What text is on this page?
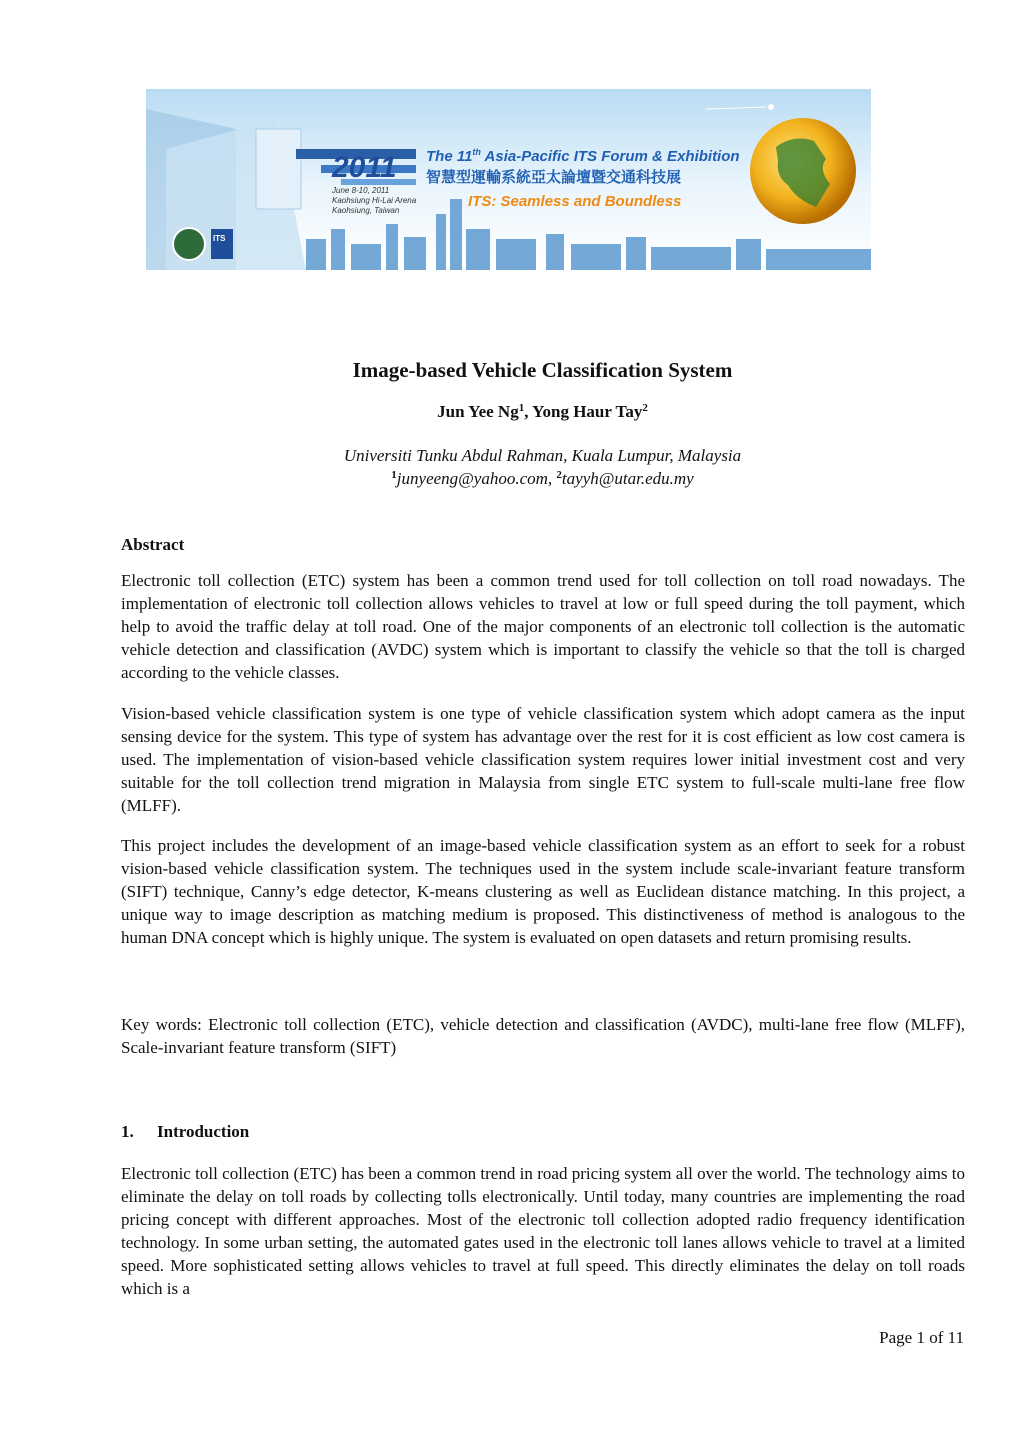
2011 The 11th Asia-Pacific ITS Forum & Exhibition
智慧型運輸系統亞太論壇暨交通科技展
June 8-10, 2011
Kaohsiung Hi-Lai Arena
Kaohsiung, Taiwan
ITS: Seamless and Boundless
ITS
Image-based Vehicle Classification System
Jun Yee Ng$^1$, Yong Haur Tay$^2$
Universiti Tunku Abdul Rahman, Kuala Lumpur, Malaysia
$^1$junyeeng@yahoo.com, $^2$tayyh@utar.edu.my
Abstract
Electronic toll collection (ETC) system has been a common trend used for toll collection on toll road nowadays. The implementation of electronic toll collection allows vehicles to travel at low or full speed during the toll payment, which help to avoid the traffic delay at toll road. One of the major components of an electronic toll collection is the automatic vehicle detection and classification (AVDC) system which is important to classify the vehicle so that the toll is charged according to the vehicle classes.
Vision-based vehicle classification system is one type of vehicle classification system which adopt camera as the input sensing device for the system. This type of system has advantage over the rest for it is cost efficient as low cost camera is used. The implementation of vision-based vehicle classification system requires lower initial investment cost and very suitable for the toll collection trend migration in Malaysia from single ETC system to full-scale multi-lane free flow (MLFF).
This project includes the development of an image-based vehicle classification system as an effort to seek for a robust vision-based vehicle classification system. The techniques used in the system include scale-invariant feature transform (SIFT) technique, Canny’s edge detector, K-means clustering as well as Euclidean distance matching. In this project, a unique way to image description as matching medium is proposed. This distinctiveness of method is analogous to the human DNA concept which is highly unique. The system is evaluated on open datasets and return promising results.
Key words: Electronic toll collection (ETC), vehicle detection and classification (AVDC), multi-lane free flow (MLFF), Scale-invariant feature transform (SIFT)
1. Introduction
Electronic toll collection (ETC) has been a common trend in road pricing system all over the world. The technology aims to eliminate the delay on toll roads by collecting tolls electronically. Until today, many countries are implementing the road pricing concept with different approaches. Most of the electronic toll collection adopted radio frequency identification technology. In some urban setting, the automated gates used in the electronic toll lanes allows vehicle to travel at a limited speed. More sophisticated setting allows vehicles to travel at full speed. This directly eliminates the delay on toll roads which is a
Page 1 of 11
